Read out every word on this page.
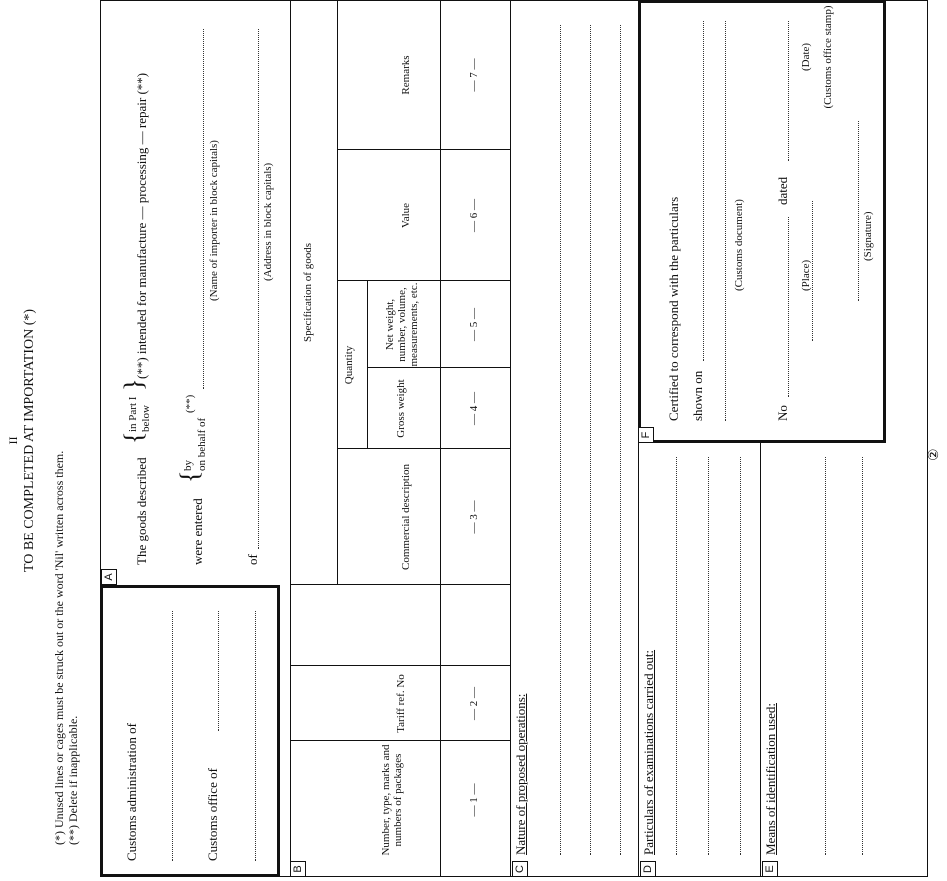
II TO BE COMPLETED AT IMPORTATION (*)
(*) Unused lines or cages must be struck out or the word 'Nil' written across them. (**) Delete if inapplicable.	Customs administration of	Customs office of
A
The goods described
{
in Part I below
}
(**) intended for manufacture — processing — repair (**)
were entered
{
by on behalf of
(**)
(Name of importer in block capitals)
of
(Address in block capitals)
B
Specification of goods
Quantity
Number, type, marks and numbers of packages
Tariff ref. No
Commercial description
Gross weight
Net weight, number, volume, measurements, etc.
Value
Remarks
— 1 —
— 2 —
— 3 —
— 4 —
— 5 —
— 6 —
— 7 —
C
Nature of proposed operations:
D
Particulars of examinations carried out:
E
Means of identification used:
F
Certified to correspond with the particulars shown on
(Customs document)
No
dated
(Place)
(Date)
(Signature)
(Customs office stamp)
②
